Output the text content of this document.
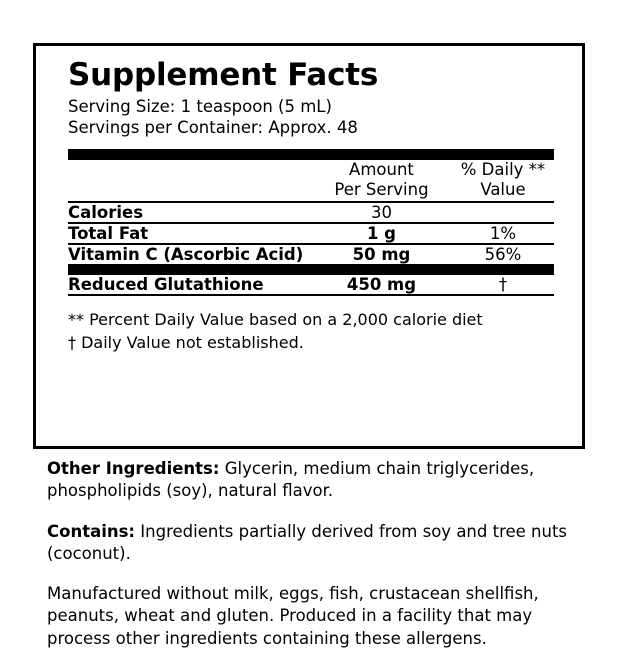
Supplement Facts
Serving Size: 1 teaspoon (5 mL)
Servings per Container: Approx. 48
	Amount
Per Serving
	% Daily **
Value
Calories	30	
Total Fat	1 g	1%
Vitamin C (Ascorbic Acid)	50 mg	56%
Reduced Glutathione	450 mg	†
** Percent Daily Value based on a 2,000 calorie diet
† Daily Value not established.

Other Ingredients: Glycerin, medium chain triglycerides, phospholipids (soy), natural flavor.

Contains: Ingredients partially derived from soy and tree nuts (coconut).

Manufactured without milk, eggs, fish, crustacean shellfish, peanuts, wheat and gluten. Produced in a facility that may process other ingredients containing these allergens.
